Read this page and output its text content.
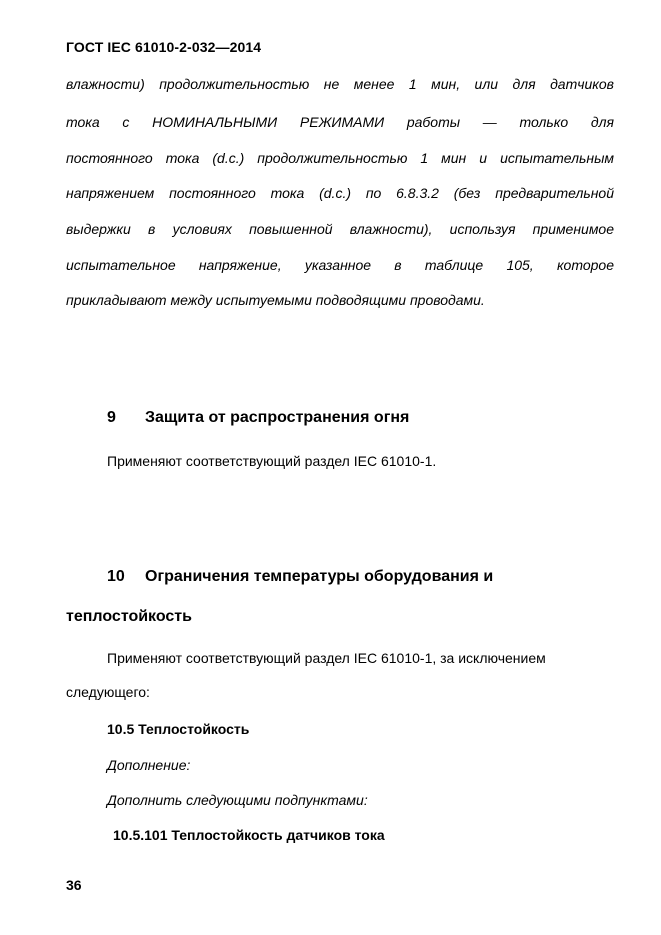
ГОСТ IEC 61010-2-032—2014
влажности) продолжительностью не менее 1 мин, или для датчиков
тока с НОМИНАЛЬНЫМИ РЕЖИМАМИ работы — только для
постоянного тока (d.c.) продолжительностью 1 мин и испытательным
напряжением постоянного тока (d.c.) по 6.8.3.2 (без предварительной
выдержки в условиях повышенной влажности), используя применимое
испытательное напряжение, указанное в таблице 105, которое
прикладывают между испытуемыми подводящими проводами.
9 Защита от распространения огня
Применяют соответствующий раздел IEC 61010-1.
10 Ограничения температуры оборудования и
теплостойкость
Применяют соответствующий раздел IEC 61010-1, за исключением
следующего:
10.5 Теплостойкость
Дополнение:
Дополнить следующими подпунктами:
10.5.101 Теплостойкость датчиков тока
36
